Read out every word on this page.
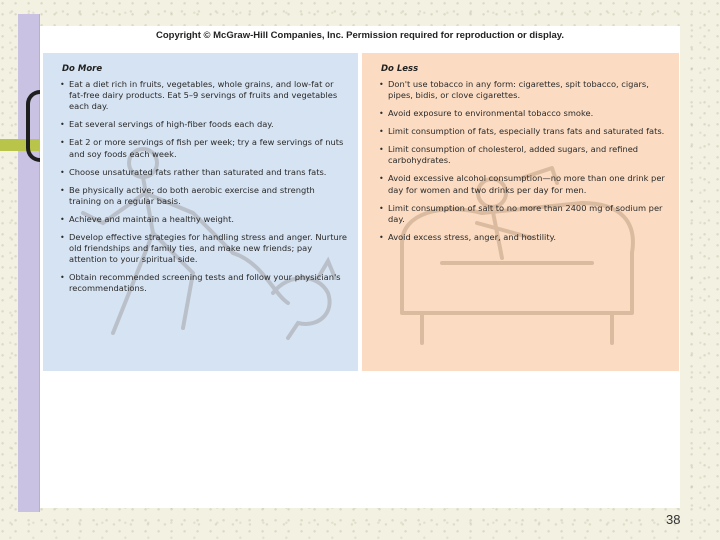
Copyright © McGraw-Hill Companies, Inc. Permission required for reproduction or display.
Do More
• Eat a diet rich in fruits, vegetables, whole grains, and low-fat or fat-free dairy products. Eat 5–9 servings of fruits and vegetables each day.
• Eat several servings of high-fiber foods each day.
• Eat 2 or more servings of fish per week; try a few servings of nuts and soy foods each week.
• Choose unsaturated fats rather than saturated and trans fats.
• Be physically active; do both aerobic exercise and strength training on a regular basis.
• Achieve and maintain a healthy weight.
• Develop effective strategies for handling stress and anger. Nurture old friendships and family ties, and make new friends; pay attention to your spiritual side.
• Obtain recommended screening tests and follow your physician's recommendations.
Do Less
• Don't use tobacco in any form: cigarettes, spit tobacco, cigars, pipes, bidis, or clove cigarettes.
• Avoid exposure to environmental tobacco smoke.
• Limit consumption of fats, especially trans fats and saturated fats.
• Limit consumption of cholesterol, added sugars, and refined carbohydrates.
• Avoid excessive alcohol consumption—no more than one drink per day for women and two drinks per day for men.
• Limit consumption of salt to no more than 2400 mg of sodium per day.
• Avoid excess stress, anger, and hostility.
38
